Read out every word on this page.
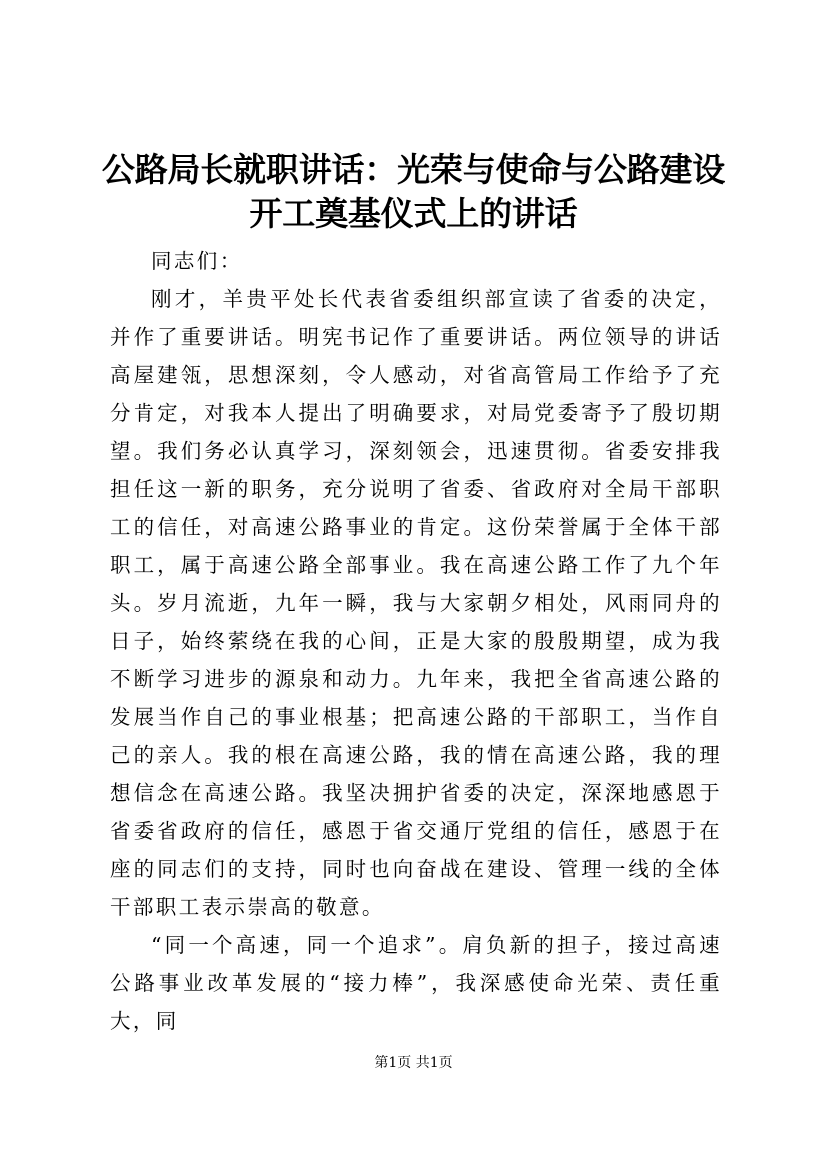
公路局长就职讲话：光荣与使命与公路建设开工奠基仪式上的讲话

同志们：

刚才，羊贵平处长代表省委组织部宣读了省委的决定，并作了重要讲话。明宪书记作了重要讲话。两位领导的讲话高屋建瓴，思想深刻，令人感动，对省高管局工作给予了充分肯定，对我本人提出了明确要求，对局党委寄予了殷切期望。我们务必认真学习，深刻领会，迅速贯彻。省委安排我担任这一新的职务，充分说明了省委、省政府对全局干部职工的信任，对高速公路事业的肯定。这份荣誉属于全体干部职工，属于高速公路全部事业。我在高速公路工作了九个年头。岁月流逝，九年一瞬，我与大家朝夕相处，风雨同舟的日子，始终萦绕在我的心间，正是大家的殷殷期望，成为我不断学习进步的源泉和动力。九年来，我把全省高速公路的发展当作自己的事业根基；把高速公路的干部职工，当作自己的亲人。我的根在高速公路，我的情在高速公路，我的理想信念在高速公路。我坚决拥护省委的决定，深深地感恩于省委省政府的信任，感恩于省交通厅党组的信任，感恩于在座的同志们的支持，同时也向奋战在建设、管理一线的全体干部职工表示崇高的敬意。

“同一个高速，同一个追求”。肩负新的担子，接过高速公路事业改革发展的“接力棒”，我深感使命光荣、责任重大，同

第1页 共1页
